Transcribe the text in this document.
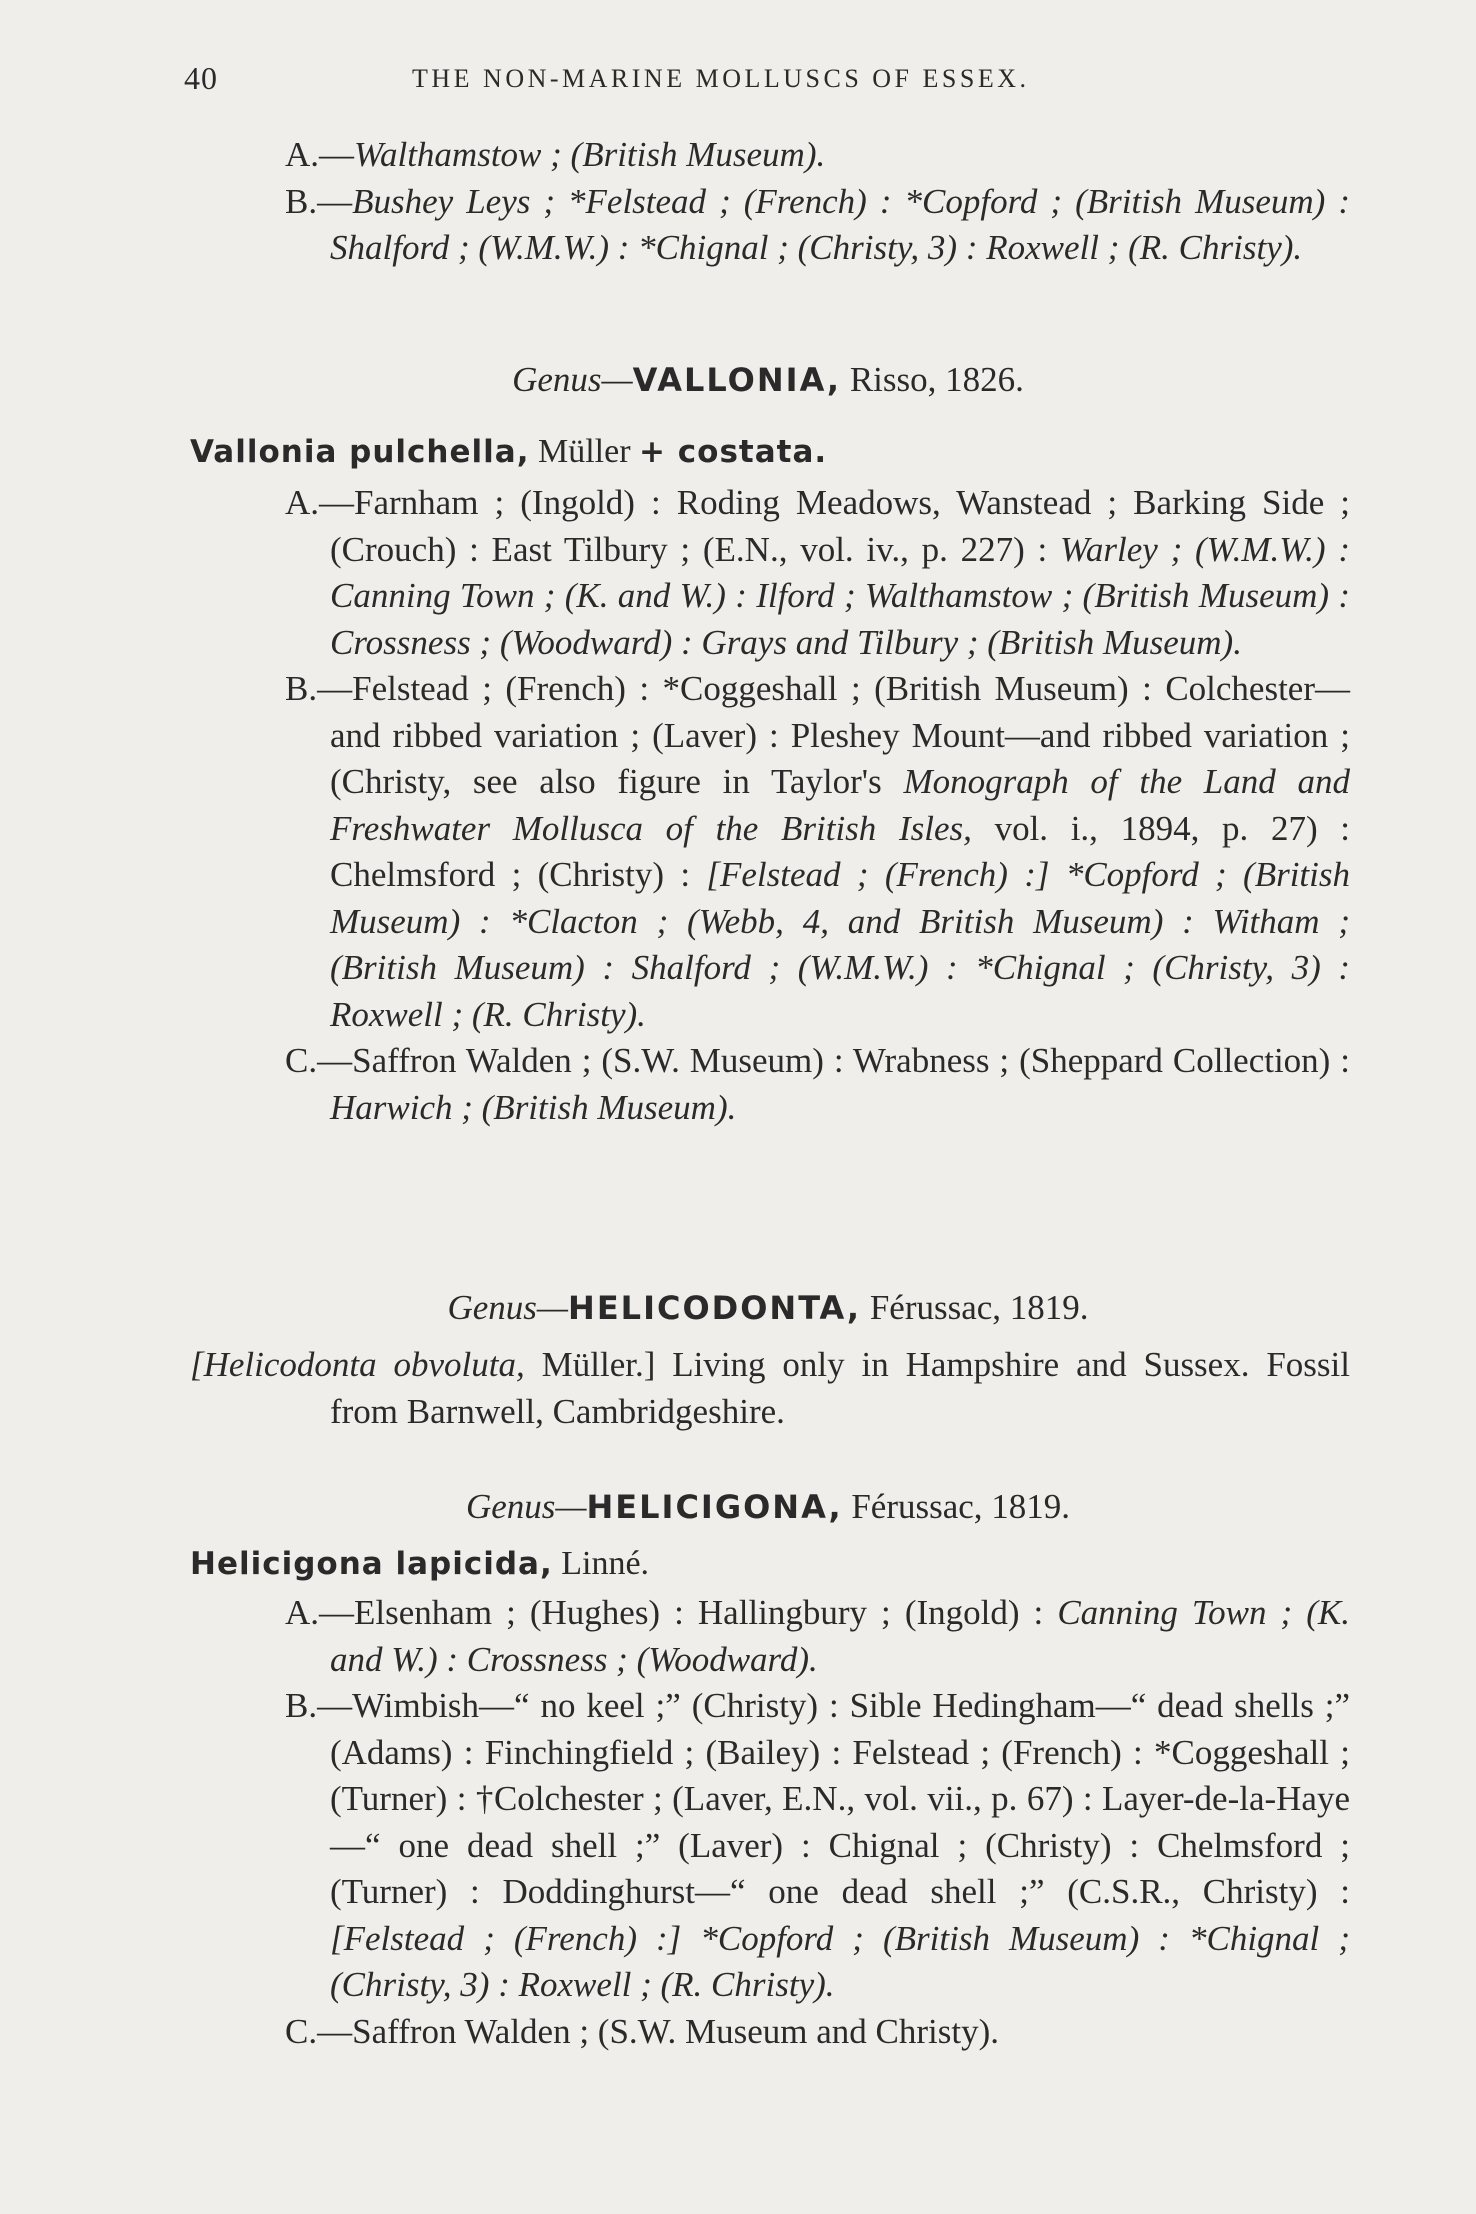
40	THE NON-MARINE MOLLUSCS OF ESSEX.

A.—Walthamstow ; (British Museum).

B.—Bushey Leys ; *Felstead ; (French) : *Copford ; (British Museum) : Shalford ; (W.M.W.) : *Chignal ; (Christy, 3) : Roxwell ; (R. Christy).

Genus—VALLONIA, Risso, 1826.
Vallonia pulchella, Müller + costata.

A.—Farnham ; (Ingold) : Roding Meadows, Wanstead ; Barking Side ; (Crouch) : East Tilbury ; (E.N., vol. iv., p. 227) : Warley ; (W.M.W.) : Canning Town ; (K. and W.) : Ilford ; Walthamstow ; (British Museum) : Crossness ; (Woodward) : Grays and Tilbury ; (British Museum).

B.—Felstead ; (French) : *Coggeshall ; (British Museum) : Colchester—and ribbed variation ; (Laver) : Pleshey Mount—and ribbed variation ; (Christy, see also figure in Taylor's Monograph of the Land and Freshwater Mollusca of the British Isles, vol. i., 1894, p. 27) : Chelmsford ; (Christy) : [Felstead ; (French) :] *Copford ; (British Museum) : *Clacton ; (Webb, 4, and British Museum) : Witham ; (British Museum) : Shalford ; (W.M.W.) : *Chignal ; (Christy, 3) : Roxwell ; (R. Christy).

C.—Saffron Walden ; (S.W. Museum) : Wrabness ; (Sheppard Collection) : Harwich ; (British Museum).

Genus—HELICODONTA, Férussac, 1819.

[Helicodonta obvoluta, Müller.] Living only in Hampshire and Sussex. Fossil from Barnwell, Cambridgeshire.

Genus—HELICIGONA, Férussac, 1819.
Helicigona lapicida, Linné.

A.—Elsenham ; (Hughes) : Hallingbury ; (Ingold) : Canning Town ; (K. and W.) : Crossness ; (Woodward).

B.—Wimbish—“ no keel ;” (Christy) : Sible Hedingham—“ dead shells ;” (Adams) : Finchingfield ; (Bailey) : Felstead ; (French) : *Coggeshall ; (Turner) : †Colchester ; (Laver, E.N., vol. vii., p. 67) : Layer-de-la-Haye—“ one dead shell ;” (Laver) : Chignal ; (Christy) : Chelmsford ; (Turner) : Doddinghurst—“ one dead shell ;” (C.S.R., Christy) : [Felstead ; (French) :] *Copford ; (British Museum) : *Chignal ; (Christy, 3) : Roxwell ; (R. Christy).

C.—Saffron Walden ; (S.W. Museum and Christy).
